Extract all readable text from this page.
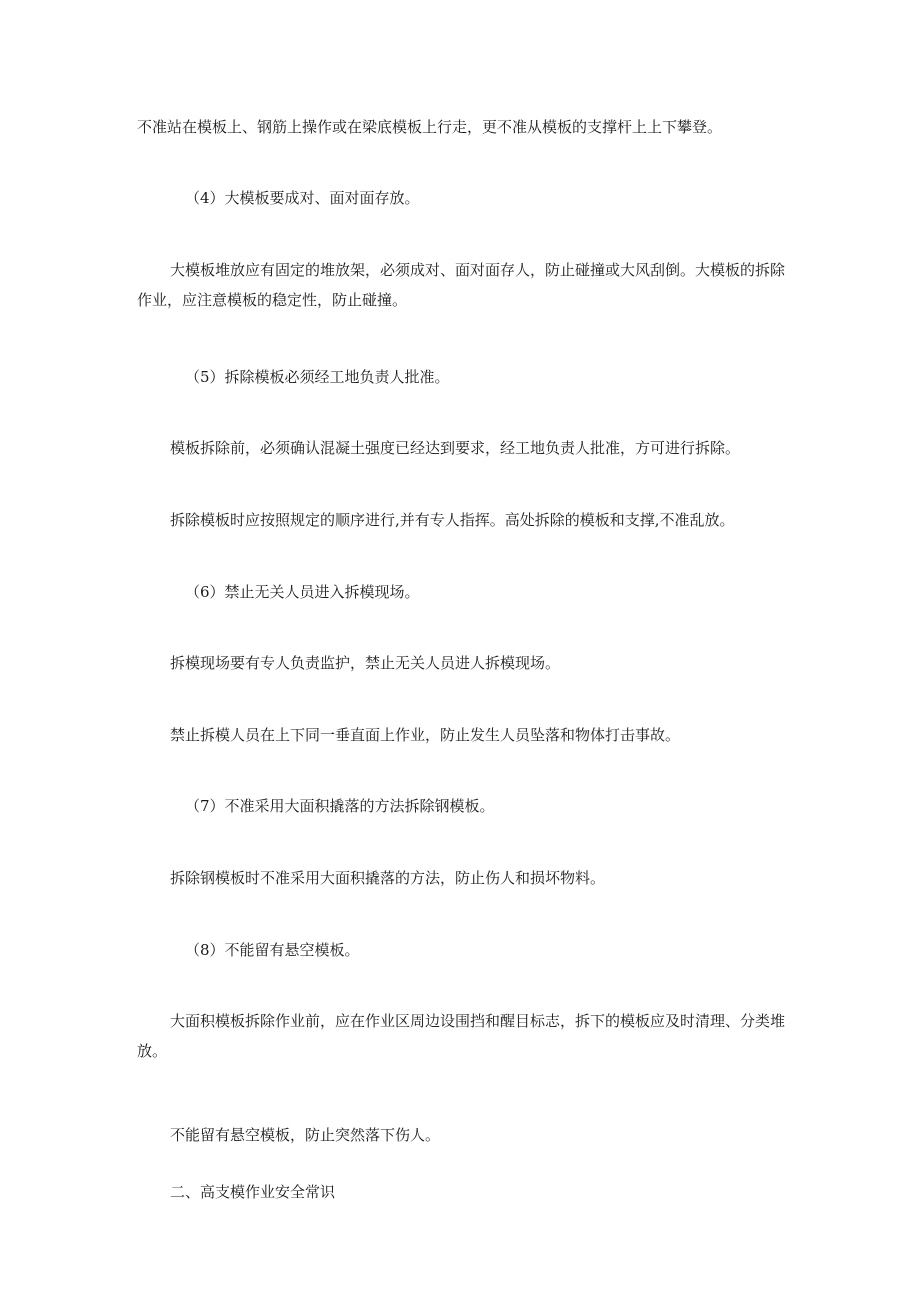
不准站在模板上、钢筋上操作或在梁底模板上行走，更不准从模板的支撑杆上上下攀登。

（4）大模板要成对、面对面存放。

大模板堆放应有固定的堆放架，必须成对、面对面存人，防止碰撞或大风刮倒。大模板的拆除作业，应注意模板的稳定性，防止碰撞。

（5）拆除模板必须经工地负责人批准。

模板拆除前，必须确认混凝土强度已经达到要求，经工地负责人批准，方可进行拆除。

拆除模板时应按照规定的顺序进行,并有专人指挥。高处拆除的模板和支撑,不准乱放。

（6）禁止无关人员进入拆模现场。

拆模现场要有专人负责监护，禁止无关人员进人拆模现场。

禁止拆模人员在上下同一垂直面上作业，防止发生人员坠落和物体打击事故。

（7）不准采用大面积撬落的方法拆除钢模板。

拆除钢模板时不准采用大面积撬落的方法，防止伤人和损坏物料。

（8）不能留有悬空模板。

大面积模板拆除作业前，应在作业区周边设围挡和醒目标志，拆下的模板应及时清理、分类堆放。

不能留有悬空模板，防止突然落下伤人。

二、高支模作业安全常识
